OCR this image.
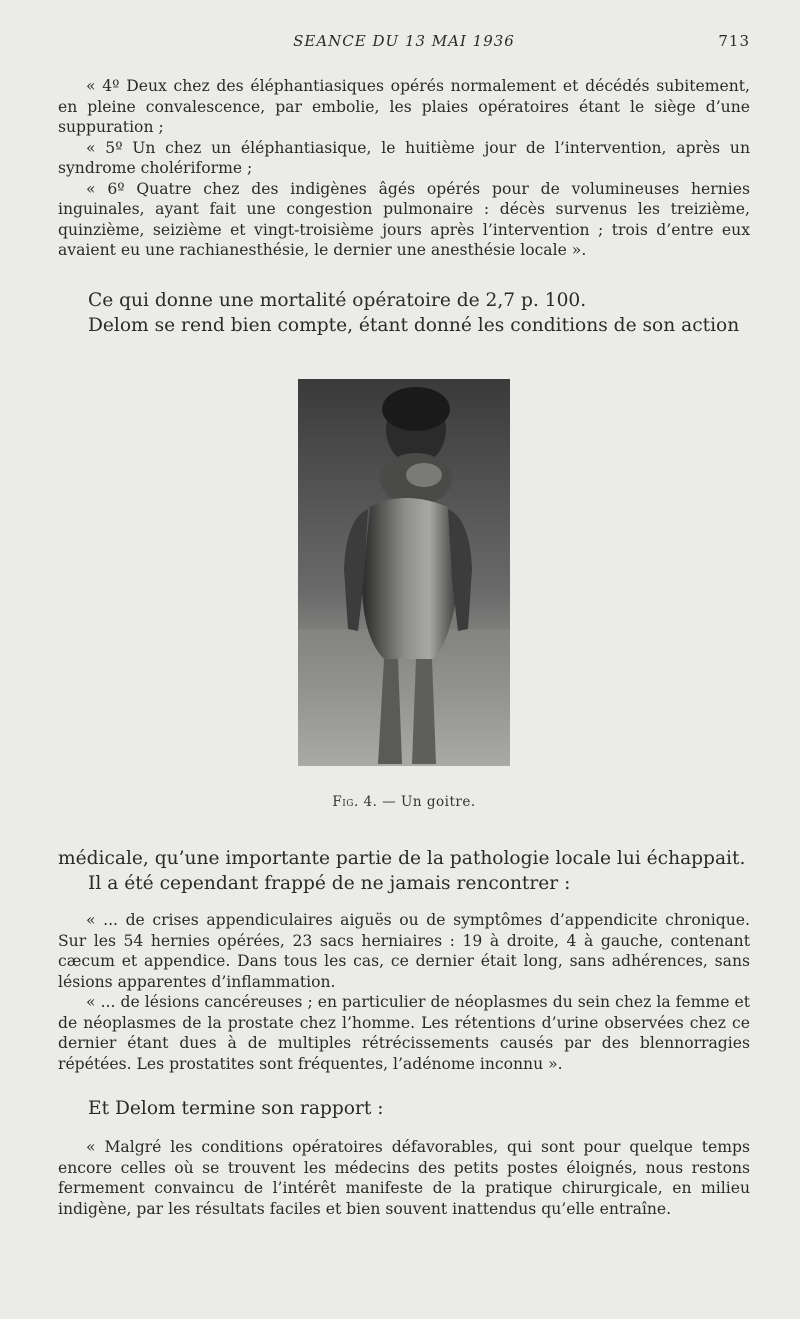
SEANCE DU 13 MAI 1936	713

« 4º Deux chez des éléphantiasiques opérés normalement et décédés subitement, en pleine convalescence, par embolie, les plaies opératoires étant le siège d’une suppuration ;

« 5º Un chez un éléphantiasique, le huitième jour de l’intervention, après un syndrome cholériforme ;

« 6º Quatre chez des indigènes âgés opérés pour de volumineuses hernies inguinales, ayant fait une congestion pulmonaire : décès survenus les treizième, quinzième, seizième et vingt-troisième jours après l’intervention ; trois d’entre eux avaient eu une rachianesthésie, le dernier une anesthésie locale ».

Ce qui donne une mortalité opératoire de 2,7 p. 100.

Delom se rend bien compte, étant donné les conditions de son action

Fig. 4. — Un goitre.

médicale, qu’une importante partie de la pathologie locale lui échappait.

Il a été cependant frappé de ne jamais rencontrer :

« ... de crises appendiculaires aiguës ou de symptômes d’appendicite chronique. Sur les 54 hernies opérées, 23 sacs herniaires : 19 à droite, 4 à gauche, contenant cæcum et appendice. Dans tous les cas, ce dernier était long, sans adhérences, sans lésions apparentes d’inflammation.

« ... de lésions cancéreuses ; en particulier de néoplasmes du sein chez la femme et de néoplasmes de la prostate chez l’homme. Les rétentions d’urine observées chez ce dernier étant dues à de multiples rétrécissements causés par des blennorragies répétées. Les prostatites sont fréquentes, l’adénome inconnu ».

Et Delom termine son rapport :

« Malgré les conditions opératoires défavorables, qui sont pour quelque temps encore celles où se trouvent les médecins des petits postes éloignés, nous restons fermement convaincu de l’intérêt manifeste de la pratique chirurgicale, en milieu indigène, par les résultats faciles et bien souvent inattendus qu’elle entraîne.
